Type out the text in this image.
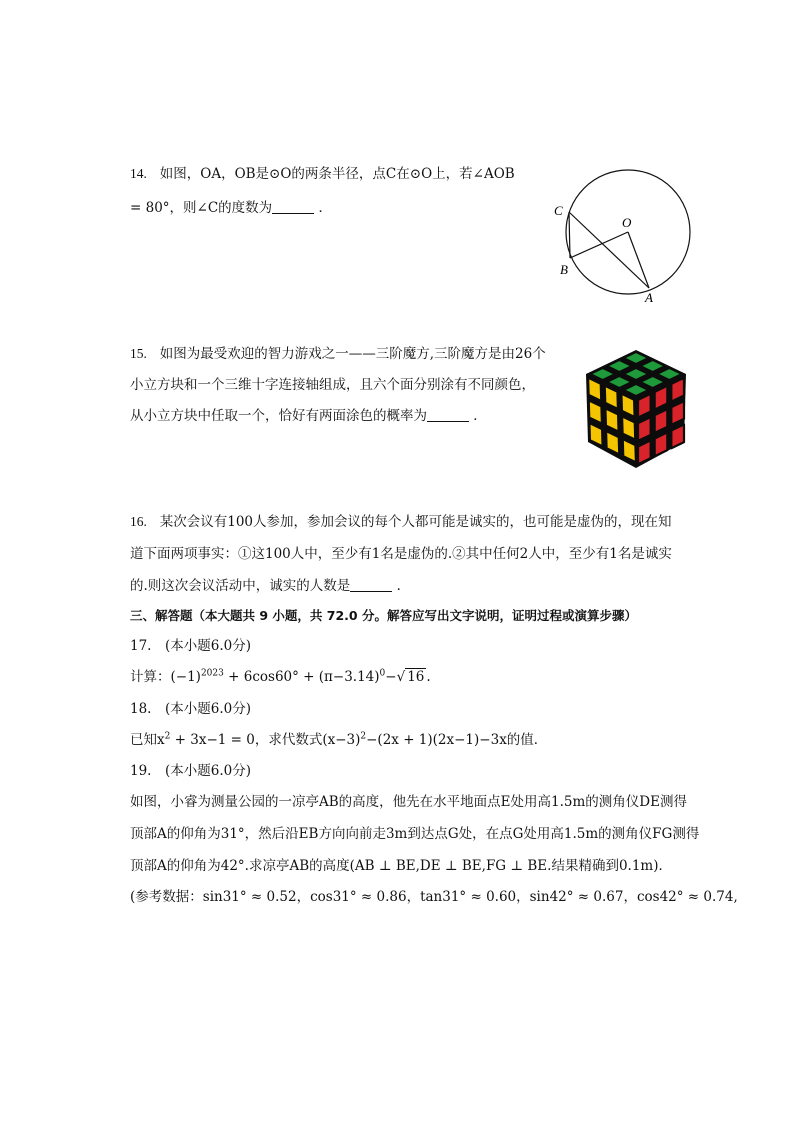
14. 如图，OA，OB是⊙O的两条半径，点C在⊙O上，若∠AOB
= 80°，则∠C的度数为	．	C
O
B
A
15. 如图为最受欢迎的智力游戏之一——三阶魔方,三阶魔方是由26个
小立方块和一个三维十字连接轴组成，且六个面分别涂有不同颜色，
从小立方块中任取一个，恰好有两面涂色的概率为	．
16. 某次会议有100人参加，参加会议的每个人都可能是诚实的，也可能是虚伪的，现在知
道下面两项事实：①这100人中，至少有1名是虚伪的.②其中任何2人中，至少有1名是诚实
的.则这次会议活动中，诚实的人数是	．
三、解答题（本大题共 9 小题，共 72.0 分。解答应写出文字说明，证明过程或演算步骤）
17.　(本小题6.0分)
计算：$(-1)^{2023} + 6\cos 60^\circ + (\pi-3.14)^0-√$ 16 .
18.　(本小题6.0分)
已知$x^2 + 3x-1 = 0$，求代数式$(x-3)^2-(2x + 1)(2x-1)-3x$的值．
19.　(本小题6.0分)
如图，小睿为测量公园的一凉亭AB的高度，他先在水平地面点E处用高1.5m的测角仪DE测得
顶部A的仰角为31°，然后沿EB方向向前走3m到达点G处，在点G处用高1.5m的测角仪FG测得
顶部A的仰角为42°.求凉亭AB的高度(AB ⊥ BE,DE ⊥ BE,FG ⊥ BE.结果精确到0.1m)．
(参考数据：sin31° ≈ 0.52，cos31° ≈ 0.86，tan31° ≈ 0.60，sin42° ≈ 0.67，cos42° ≈ 0.74,
